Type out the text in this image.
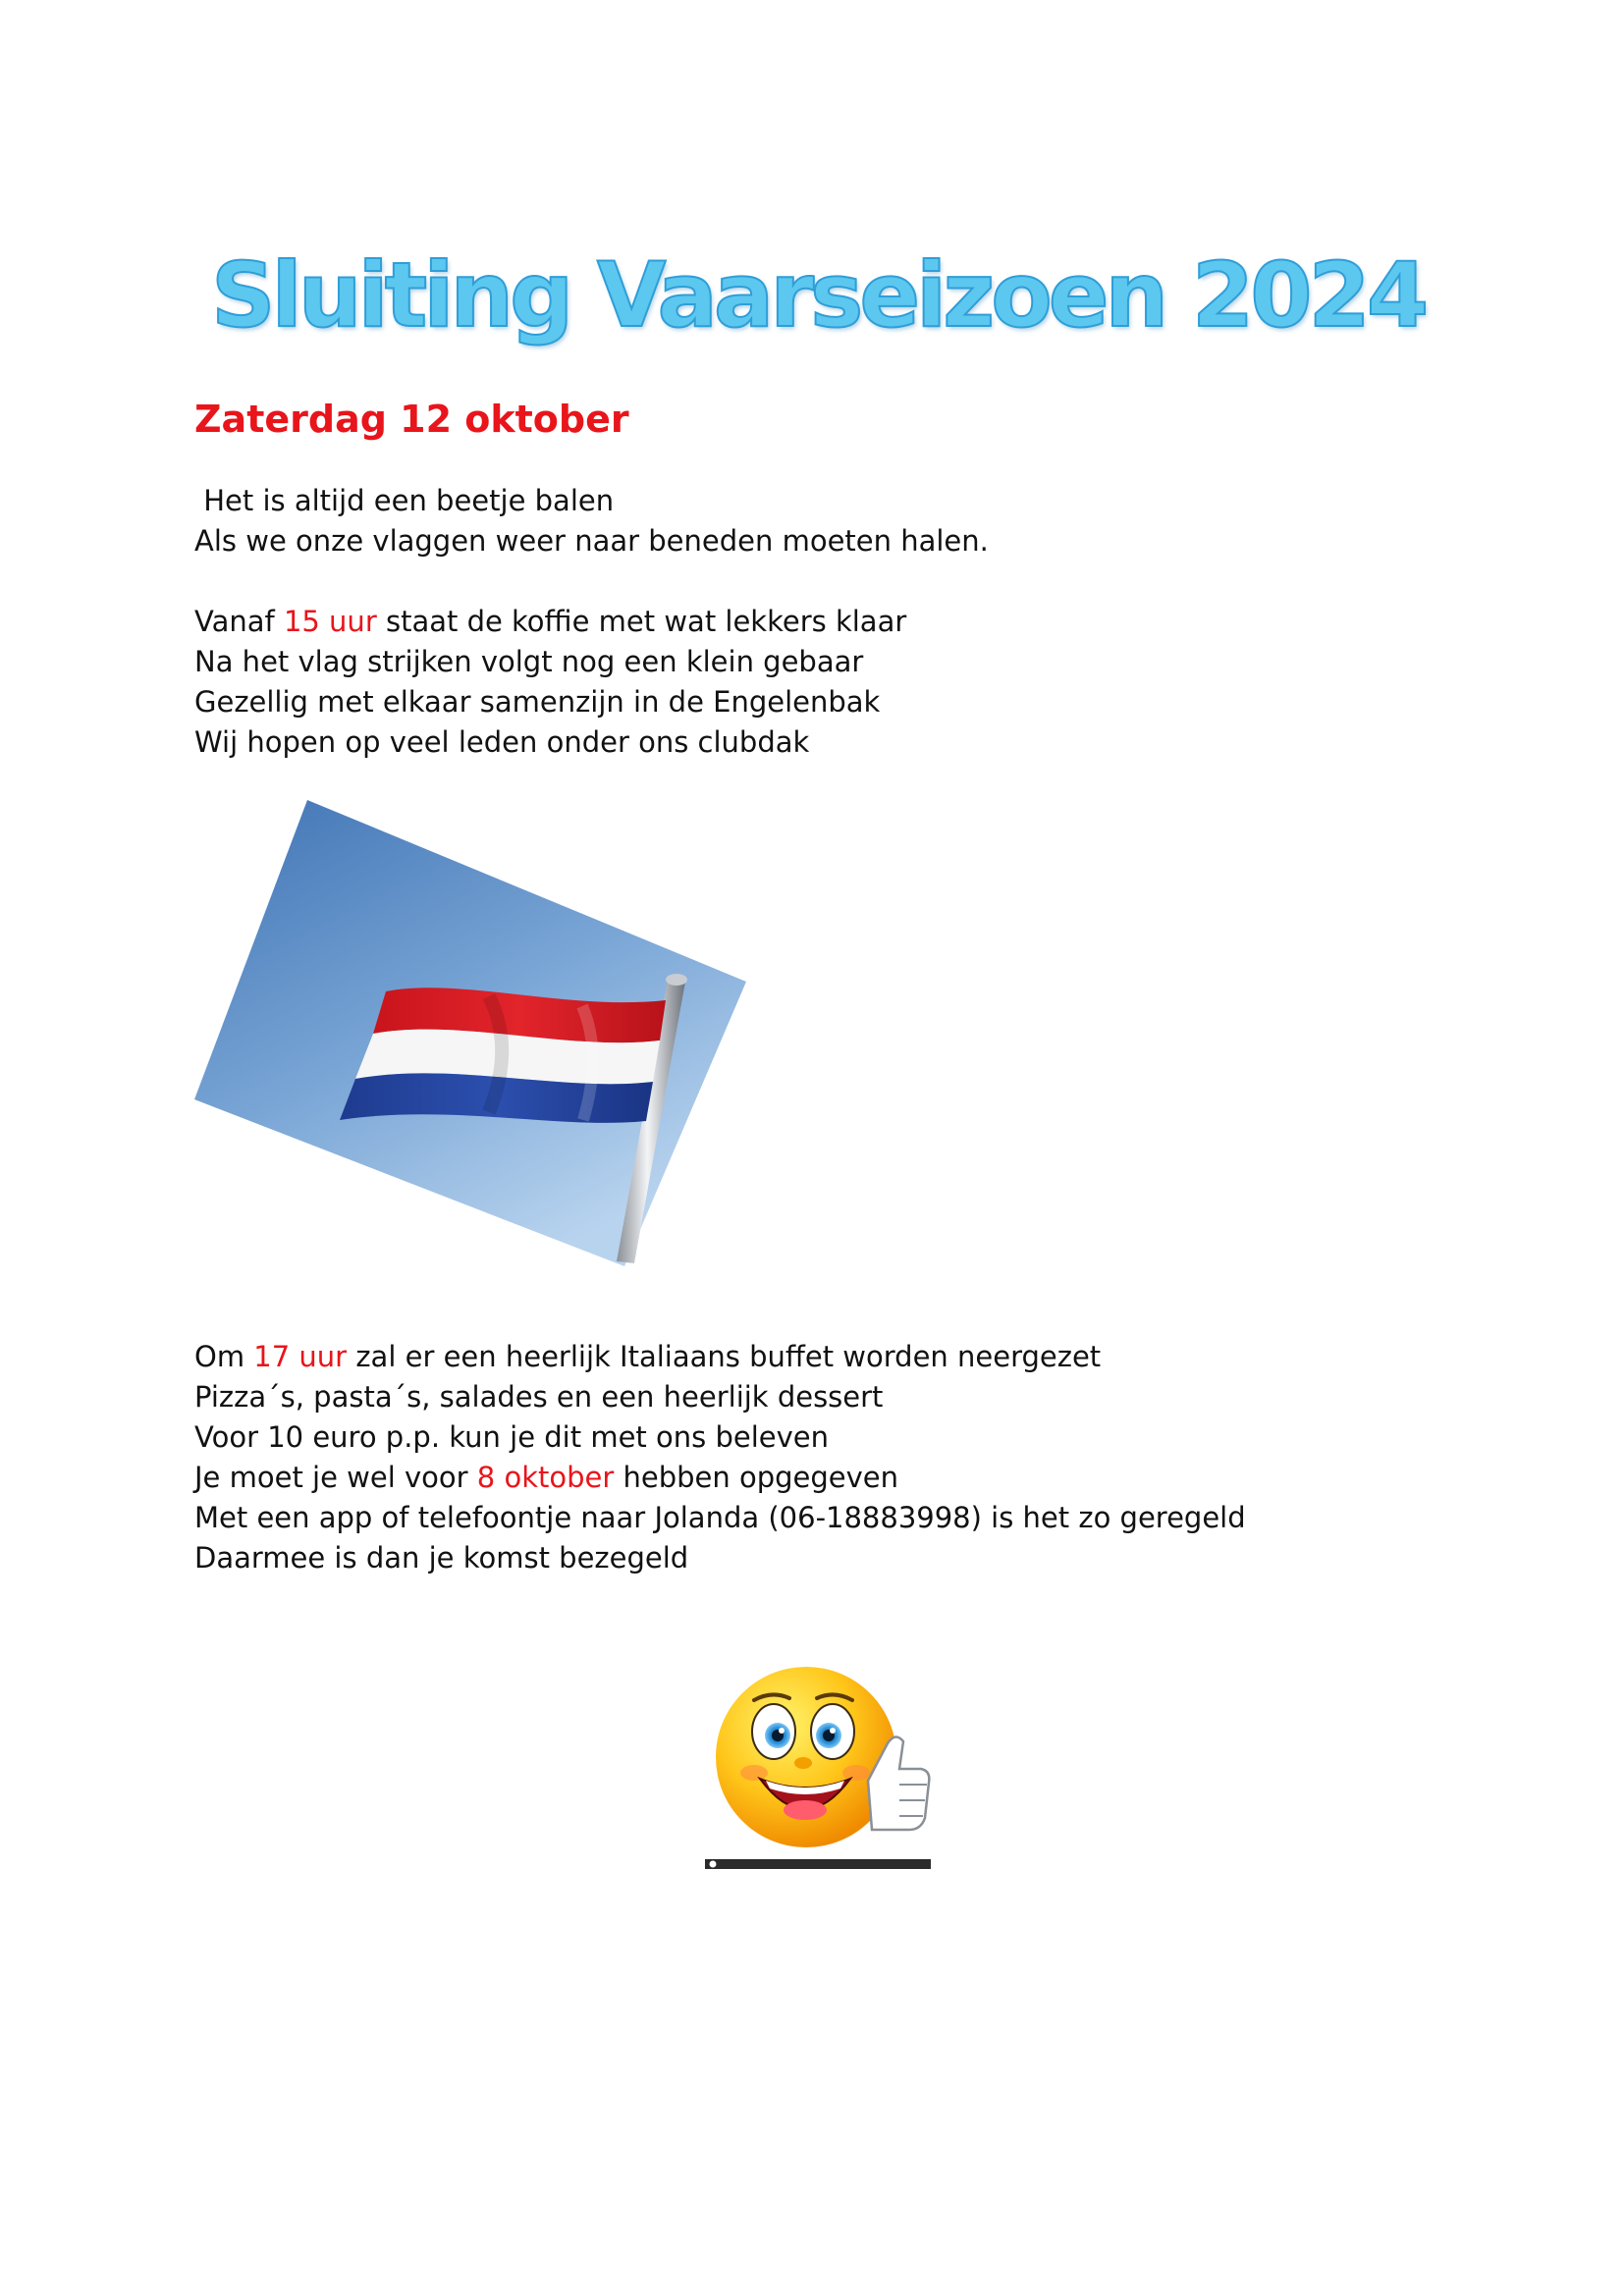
Sluiting Vaarseizoen 2024
Zaterdag 12 oktober
Het is altijd een beetje balen
Als we onze vlaggen weer naar beneden moeten halen.
Vanaf 15 uur staat de koffie met wat lekkers klaar
Na het vlag strijken volgt nog een klein gebaar
Gezellig met elkaar samenzijn in de Engelenbak
Wij hopen op veel leden onder ons clubdak
Om 17 uur zal er een heerlijk Italiaans buffet worden neergezet
Pizza´s, pasta´s, salades en een heerlijk dessert
Voor 10 euro p.p. kun je dit met ons beleven
Je moet je wel voor 8 oktober hebben opgegeven
Met een app of telefoontje naar Jolanda (06-18883998) is het zo geregeld
Daarmee is dan je komst bezegeld
